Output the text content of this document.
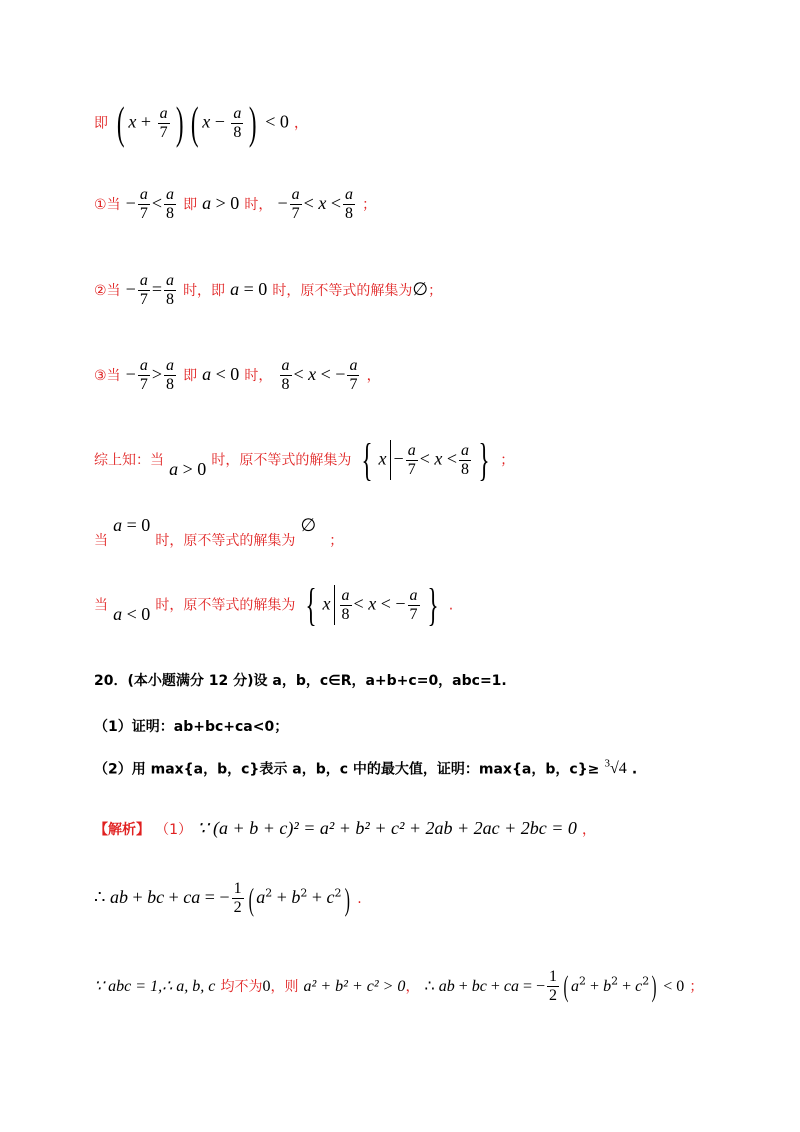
即 ( $x + \frac{a}{7}$ ) ( $x - \frac{a}{8}$ ) < 0 ，
①当 − $\frac{a}{7} < \frac{a}{8}$ 即 a > 0 时， − $\frac{a}{7} < x < \frac{a}{8}$ ；
②当 − $\frac{a}{7} = \frac{a}{8}$ 时，即 a = 0 时，原不等式的解集为∅；
③当 − $\frac{a}{7} > \frac{a}{8}$ 即 a < 0 时， $\frac{a}{8} < x$ < − $\frac{a}{7}$ ，
综上知：当 a > 0 时，原不等式的解集为 { $x - \frac{a}{7} < x < \frac{a}{8}$ } ；
当 a = 0 时，原不等式的解集为 ∅ ；
当 a < 0 时，原不等式的解集为 { x $\frac{a}{8} < x$ < − $\frac{a}{7}$ } .
20．(本小题满分 12 分)设 a，b，c∈R，a+b+c=0，abc=1.
（1）证明：ab+bc+ca<0；
（2）用 max{a，b，c}表示 a，b，c 中的最大值，证明：max{a，b，c}≥ $^3$√4 .
【解析】 （1） ∵ (a + b + c)² = a² + b² + c² + 2ab + 2ac + 2bc = 0 ，
∴ ab + bc + ca = − $\frac{1}{2}$ ( $a^2 + b^2 + c^2$) .
∵ abc = 1,∴ a, b, c 均不为0，则 a² + b² + c² > 0， ∴ ab + bc + ca = − $\frac{1}{2}$ ( $a^2 + b^2 + c^2) < 0$ ；
